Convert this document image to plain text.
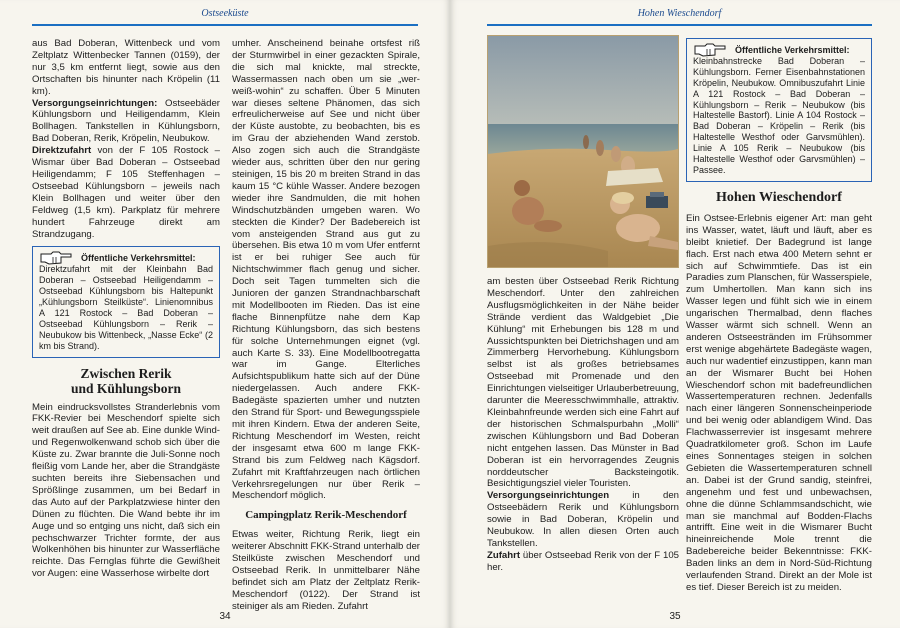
Ostseeküste

aus Bad Doberan, Wittenbeck und vom Zeltplatz Wittenbecker Tannen (0159), der nur 3,5 km entfernt liegt, sowie aus den Ortschaften bis hinunter nach Kröpelin (11 km).

Versorgungseinrichtungen: Ostseebäder Kühlungsborn und Heiligendamm, Klein Bollhagen. Tankstellen in Kühlungsborn, Bad Doberan, Rerik, Kröpelin, Neubukow.

Direktzufahrt von der F 105 Rostock – Wismar über Bad Doberan – Ostseebad Heiligendamm; F 105 Steffenhagen – Ostseebad Kühlungsborn – jeweils nach Klein Bollhagen und weiter über den Feldweg (1,5 km). Parkplatz für mehrere hundert Fahrzeuge direkt am Strandzugang.

Öffentliche Verkehrsmittel:
Direktzufahrt mit der Kleinbahn Bad Doberan – Ostseebad Heiligendamm – Ostseebad Kühlungsborn bis Haltepunkt „Kühlungsborn Steilküste“. Linienomnibus A 121 Rostock – Bad Doberan – Ostseebad Kühlungsborn – Rerik – Neubukow bis Wittenbeck, „Nasse Ecke“ (2 km bis Strand).
Zwischen Rerik
und Kühlungsborn

Mein eindrucksvollstes Stranderlebnis vom FKK-Revier bei Meschendorf spielte sich weit draußen auf See ab. Eine dunkle Wind- und Regenwolkenwand schob sich über die Küste zu. Zwar brannte die Juli-Sonne noch fleißig vom Lande her, aber die Strandgäste suchten bereits ihre Siebensachen und Sprößlinge zusammen, um bei Bedarf in das Auto auf der Parkplatzwiese hinter den Dünen zu flüchten. Die Wand bebte ihr im Auge und so entging uns nicht, daß sich ein pechschwarzer Trichter formte, der aus Wolkenhöhen bis hinunter zur Wasserfläche reichte. Das Fernglas führte die Gewißheit vor Augen: eine Wasserhose wirbelte dort

umher. Anscheinend beinahe ortsfest riß der Sturmwirbel in einer gezackten Spirale, die sich mal knickte, mal streckte, Wassermassen nach oben um sie „wer-weiß-wohin“ zu schaffen. Über 5 Minuten war dieses seltene Phänomen, das sich erfreulicherweise auf See und nicht über der Küste austobte, zu beobachten, bis es im Grau der abziehenden Wand zerstob. Also zogen sich auch die Strandgäste wieder aus, schritten über den nur gering steinigen, 15 bis 20 m breiten Strand in das kaum 15 °C kühle Wasser. Andere bezogen wieder ihre Sandmulden, die mit hohen Windschutzbänden umgeben waren. Wo steckten die Kinder? Der Badebereich ist vom ansteigenden Strand aus gut zu übersehen. Bis etwa 10 m vom Ufer entfernt ist er bei ruhiger See auch für Nichtschwimmer flach genug und sicher. Doch seit Tagen tummelten sich die Junioren der ganzen Strandnachbarschaft mit Modellbooten im Rieden. Das ist eine flache Binnenpfütze nahe dem Kap Richtung Kühlungsborn, das sich bestens für solche Unternehmungen eignet (vgl. auch Karte S. 33). Eine Modellbootregatta war im Gange. Elterliches Aufsichtspublikum hatte sich auf der Düne niedergelassen. Auch andere FKK-Badegäste spazierten umher und nutzten den Strand für Sport- und Bewegungsspiele mit ihren Kindern. Etwa der anderen Seite, Richtung Meschendorf im Westen, reicht der insgesamt etwa 600 m lange FKK-Strand bis zum Feldweg nach Kägsdorf. Zufahrt mit Kraftfahrzeugen nach örtlichen Verkehrsregelungen nur über Rerik – Meschendorf möglich.

Campingplatz Rerik-Meschendorf

Etwas weiter, Richtung Rerik, liegt ein weiterer Abschnitt FKK-Strand unterhalb der Steilküste zwischen Meschendorf und Ostseebad Rerik. In unmittelbarer Nähe befindet sich am Platz der Zeltplatz Rerik-Meschendorf (0122). Der Strand ist steiniger als am Rieden. Zufahrt

34
Hohen Wieschendorf

am besten über Ostseebad Rerik Richtung Meschendorf. Unter den zahlreichen Ausflugsmöglichkeiten in der Nähe beider Strände verdient das Waldgebiet „Die Kühlung“ mit Erhebungen bis 128 m und Aussichtspunkten bei Dietrichshagen und am Zimmerberg Hervorhebung. Kühlungsborn selbst ist als großes betriebsames Ostseebad mit Promenade und den Einrichtungen vielseitiger Urlauberbetreuung, darunter die Meeresschwimmhalle, attraktiv. Kleinbahnfreunde werden sich eine Fahrt auf der historischen Schmalspurbahn „Molli“ zwischen Kühlungsborn und Bad Doberan nicht entgehen lassen. Das Münster in Bad Doberan ist ein hervorragendes Zeugnis norddeutscher Backsteingotik. Besichtigungsziel vieler Touristen.

Versorgungseinrichtungen in den Ostseebädern Rerik und Kühlungsborn sowie in Bad Doberan, Kröpelin und Neubukow. In allen diesen Orten auch Tankstellen.

Zufahrt über Ostseebad Rerik von der F 105 her.

Öffentliche Verkehrsmittel:
Kleinbahnstrecke Bad Doberan – Kühlungsborn. Ferner Eisenbahnstationen Kröpelin, Neubukow. Omnibuszufahrt Linie A 121 Rostock – Bad Doberan – Kühlungsborn – Rerik – Neubukow (bis Haltestelle Bastorf). Linie A 104 Rostock – Bad Doberan – Kröpelin – Rerik (bis Haltestelle Westhof oder Garvsmühlen). Linie A 105 Rerik – Neubukow (bis Haltestelle Westhof oder Garvsmühlen) – Passee.
Hohen Wieschendorf

Ein Ostsee-Erlebnis eigener Art: man geht ins Wasser, watet, läuft und läuft, aber es bleibt knietief. Der Badegrund ist lange flach. Erst nach etwa 400 Metern sehnt er sich auf Schwimmtiefe. Das ist ein Paradies zum Planschen, für Wasserspiele, zum Umhertollen. Man kann sich ins Wasser legen und fühlt sich wie in einem ungarischen Thermalbad, denn flaches Wasser wärmt sich schnell. Wenn an anderen Ostseestränden im Frühsommer erst wenige abgehärtete Badegäste wagen, auch nur wadentief einzustippen, kann man an der Wismarer Bucht bei Hohen Wieschendorf schon mit badefreundlichen Wassertemperaturen rechnen. Jedenfalls nach einer längeren Sonnenscheinperiode und bei wenig oder ablandigem Wind. Das Flachwasserrevier ist insgesamt mehrere Quadratkilometer groß. Schon im Laufe eines Sonnentages steigen in solchen Gebieten die Wassertemperaturen schnell an. Dabei ist der Grund sandig, steinfrei, angenehm und fest und unbewachsen, ohne die dünne Schlammsandschicht, wie man sie manchmal auf Bodden-Flachs antrifft. Eine weit in die Wismarer Bucht hineinreichende Mole trennt die Badebereiche beider Bekenntnisse: FKK-Baden links an dem in Nord-Süd-Richtung verlaufenden Strand. Direkt an der Mole ist es tief. Dieser Bereich ist zu meiden.

35
